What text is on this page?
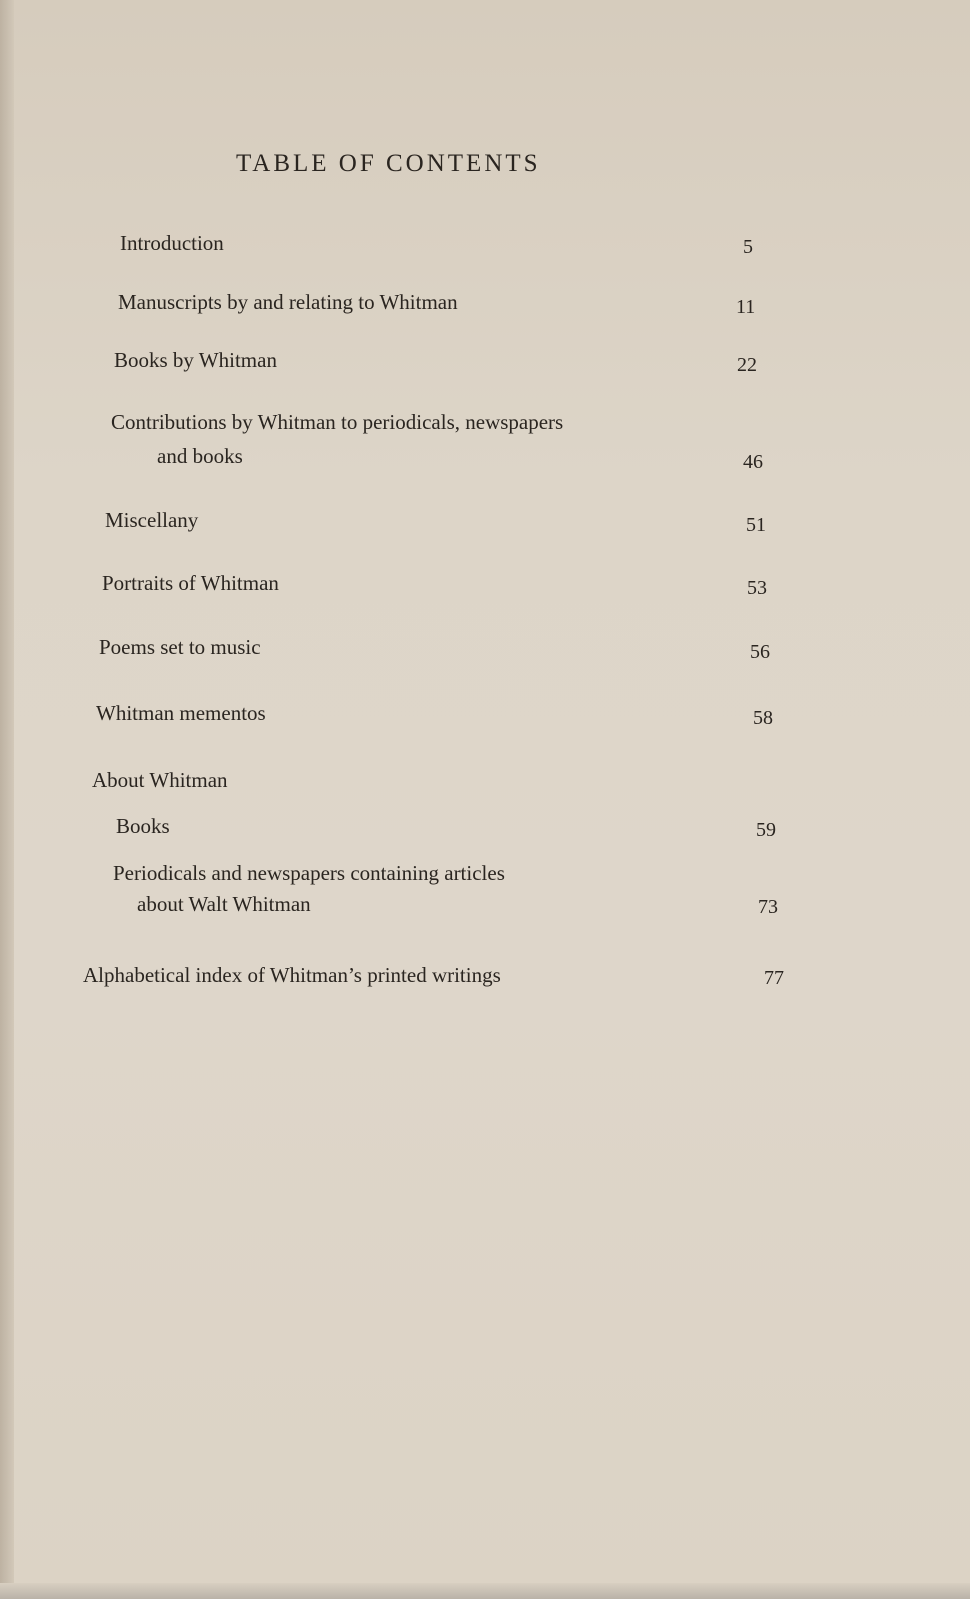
TABLE OF CONTENTS
Introduction	5
Manuscripts by and relating to Whitman	11
Books by Whitman	22
Contributions by Whitman to periodicals, newspapers
and books	46
Miscellany	51
Portraits of Whitman	53
Poems set to music	56
Whitman mementos	58
About Whitman
Books	59
Periodicals and newspapers containing articles
about Walt Whitman	73
Alphabetical index of Whitman’s printed writings	77
